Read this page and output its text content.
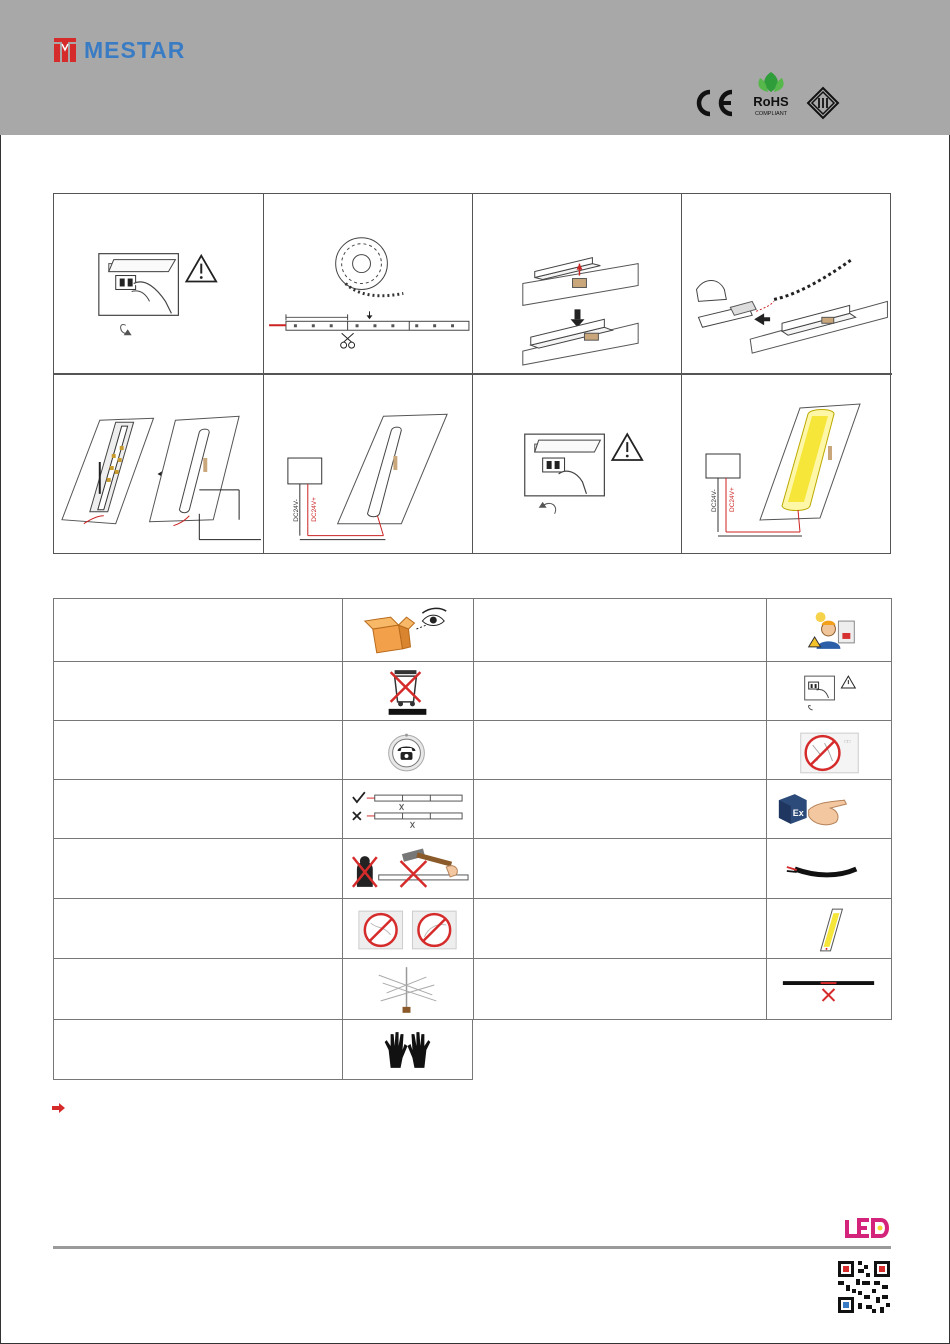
MESTAR
RoHS
COMPLIANT
DC24V- DC24V+	DC24V- DC24V+
□□
Ex
